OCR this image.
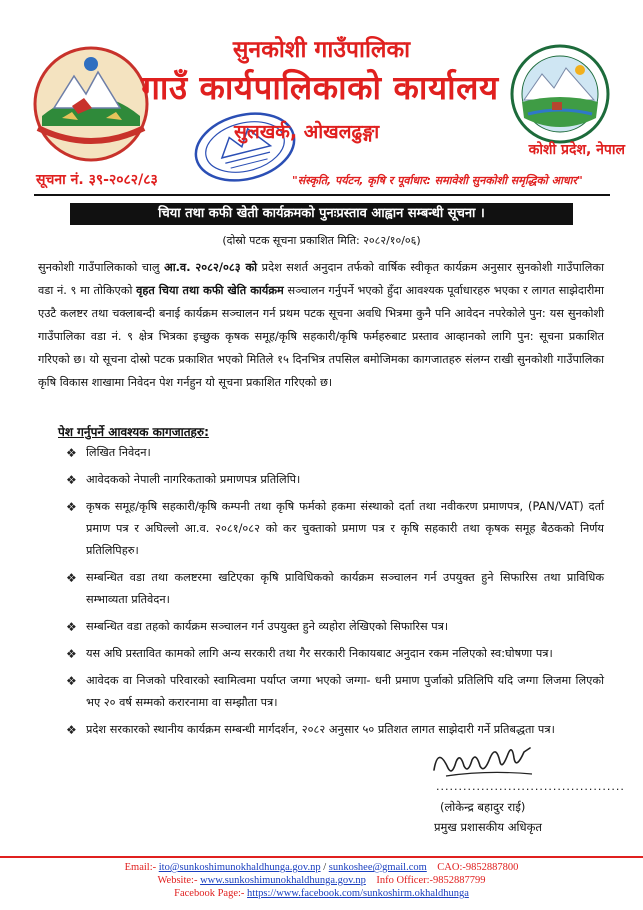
सुनकोशी गाउँपालिका
गाउँ कार्यपालिकाको कार्यालय
सुलखर्क, ओखलढुङ्गा
कोशी प्रदेश, नेपाल
सूचना नं. ३९-२०८२/८३	"संस्कृति, पर्यटन, कृषि र पूर्वाधार: समावेशी सुनकोशी समृद्धिको आधार"
चिया तथा कफी खेती कार्यक्रमको पुनःप्रस्ताव आह्वान सम्बन्धी सूचना ।
(दोस्रो पटक सूचना प्रकाशित मिति: २०८२/१०/०६)
सुनकोशी गाउँपालिकाको चालु आ.व. २०८२/०८३ को प्रदेश सशर्त अनुदान तर्फको वार्षिक स्वीकृत कार्यक्रम अनुसार सुनकोशी गाउँपालिका वडा नं. ९ मा तोकिएको वृहत चिया तथा कफी खेति कार्यक्रम सञ्चालन गर्नुपर्ने भएको हुँदा आवश्यक पूर्वाधारहरु भएका र लागत साझेदारीमा एउटै कलष्टर तथा चक्लाबन्दी बनाई कार्यक्रम सञ्चालन गर्न प्रथम पटक सूचना अवधि भित्रमा कुनै पनि आवेदन नपरेकोले पुन: यस सुनकोशी गाउँपालिका वडा नं. ९ क्षेत्र भित्रका इच्छुक कृषक समूह/कृषि सहकारी/कृषि फर्महरुबाट प्रस्ताव आव्हानको लागि पुन: सूचना प्रकाशित गरिएको छ। यो सूचना दोस्रो पटक प्रकाशित भएको मितिले १५ दिनभित्र तपसिल बमोजिमका कागजातहरु संलग्न राखी सुनकोशी गाउँपालिका कृषि विकास शाखामा निवेदन पेश गर्नहुन यो सूचना प्रकाशित गरिएको छ।
पेश गर्नुपर्ने आवश्यक कागजातहरु:
❖ लिखित निवेदन।
❖ आवेदकको नेपाली नागरिकताको प्रमाणपत्र प्रतिलिपि।
❖ कृषक समूह/कृषि सहकारी/कृषि कम्पनी तथा कृषि फर्मको हकमा संस्थाको दर्ता तथा नवीकरण प्रमाणपत्र, (PAN/VAT) दर्ता प्रमाण पत्र र अघिल्लो आ.व. २०८१/०८२ को कर चुक्ताको प्रमाण पत्र र कृषि सहकारी तथा कृषक समूह बैठकको निर्णय प्रतिलिपिहरु।
❖ सम्बन्धित वडा तथा कलष्टरमा खटिएका कृषि प्राविधिकको कार्यक्रम सञ्चालन गर्न उपयुक्त हुने सिफारिस तथा प्राविधिक सम्भाव्यता प्रतिवेदन।
❖ सम्बन्धित वडा तहको कार्यक्रम सञ्चालन गर्न उपयुक्त हुने व्यहोरा लेखिएको सिफारिस पत्र।
❖ यस अघि प्रस्तावित कामको लागि अन्य सरकारी तथा गैर सरकारी निकायबाट अनुदान रकम नलिएको स्व:घोषणा पत्र।
❖ आवेदक वा निजको परिवारको स्वामित्वमा पर्याप्त जग्गा भएको जग्गा- धनी प्रमाण पुर्जाको प्रतिलिपि यदि जग्गा लिजमा लिएको भए २० वर्ष सम्मको करारनामा वा सम्झौता पत्र।
❖ प्रदेश सरकारको स्थानीय कार्यक्रम सम्बन्धी मार्गदर्शन, २०८२ अनुसार ५० प्रतिशत लागत साझेदारी गर्ने प्रतिबद्धता पत्र।
..........................................
(लोकेन्द्र बहादुर राई)
प्रमुख प्रशासकीय अधिकृत
Email:- ito@sunkoshimunokhaldhunga.gov.np / sunkoshee@gmail.com CAO:-9852887800
Website:- www.sunkoshimunokhaldhunga.gov.np Info Officer:-9852887799
Facebook Page:- https://www.facebook.com/sunkoshirm.okhaldhunga
